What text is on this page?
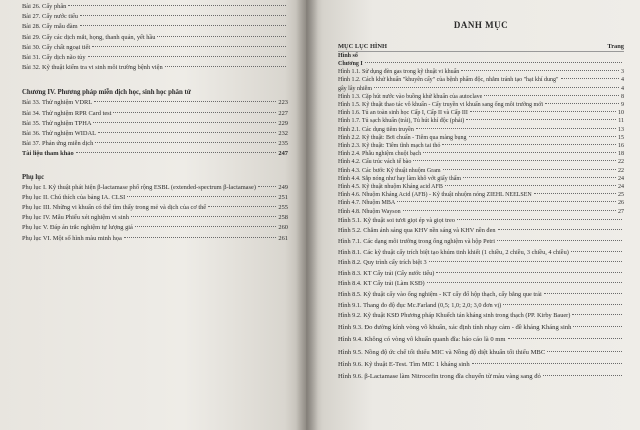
Bài 26. Cấy phân
Bài 27. Cấy nước tiểu
Bài 28. Cấy mẫu đàm
Bài 29. Cấy các dịch mắt, họng, thanh quản, yết hầu
Bài 30. Cấy chất ngoại tiết
Bài 31. Cấy dịch não tủy
Bài 32. Kỹ thuật kiểm tra vi sinh môi trường bệnh viện
Chương IV. Phương pháp miễn dịch học, sinh học phân tử
Bài 33. Thử nghiệm VDRL	223
Bài 34. Thử nghiệm RPR Card test	227
Bài 35. Thử nghiệm TPHA	229
Bài 36. Thử nghiệm WIDAL	232
Bài 37. Phản ứng miễn dịch	235
Tài liệu tham khảo	247
Phụ lục
Phụ lục I. Kỹ thuật phát hiện β-lactamase phổ rộng ESBL (extended-spectrum β-lactamase)	249
Phụ lục II. Chú thích của bảng IA. CLSI	251
Phụ lục III. Những vi khuẩn có thể tìm thấy trong mẻ và dịch của cơ thể	255
Phụ lục IV. Mẫu Phiếu xét nghiệm vi sinh	258
Phụ lục V. Đáp án trắc nghiệm tự lượng giá	260
Phụ lục VI. Một số hình màu minh họa	261
DANH MỤC
MỤC LỤC HÌNH	Trang
Hình số
Chương I
Hình 1.1. Sử dụng đèn gas trong kỹ thuật vi khuẩn	3
Hình 1.2. Cách khử khuẩn "khuyên cấy" của bệnh phẩm độc, nhằm tránh tạo "hạt khí dung"	4
gây lây nhiễm	4
Hình 1.3. Cặp hút nước vào buồng khử khuẩn của autoclave	8
Hình 1.5. Kỹ thuật thao tác vô khuẩn - Cấy truyền vi khuẩn sang ống môi trường mới	9
Hình 1.6. Tủ an toàn sinh học Cấp I, Cấp II và Cấp III	10
Hình 1.7. Tủ sạch khuẩn (trái), Tủ hút khí độc (phải)	11
Hình 2.1. Các dụng tiêm truyền	13
Hình 2.2. Kỹ thuật: Bơi chuẩn - Tiêm qua màng bụng	15
Hình 2.3. Kỹ thuật: Tiêm tĩnh mạch tai thỏ	16
Hình 2.4. Phẫu nghiệm chuột bạch	18
Hình 4.2. Cấu trúc vách tế bào	22
Hình 4.3. Các bước Kỹ thuật nhuộm Gram	22
Hình 4.4. Sắp nóng như hay làm khô vớt giấy thấm	24
Hình 4.5. Kỹ thuật nhuộm Kháng acid AFB	24
Hình 4.6. Nhuộm Kháng Acid (AFB) - Kỹ thuật nhuộm nóng ZIEHL NEELSEN	25
Hình 4.7. Nhuộm MBA	26
Hình 4.8. Nhuộm Wayson	27
Hình 5.1. Kỹ thuật soi tươi giọt ép và giọt treo
Hình 5.2. Chăm ánh sáng qua KHV nền sáng và KHV nền đen
Hình 7.1. Các dạng môi trường trong ống nghiệm và hộp Petri
Hình 8.1. Các kỹ thuật cấy trích biệt tạo khúm tinh khiết (1 chiều, 2 chiều, 3 chiều, 4 chiều)
Hình 8.2. Quy trình cấy trích biệt 3
Hình 8.3. KT Cấy trải (Cấy nước tiểu)
Hình 8.4. KT Cấy trải (Làm KSĐ)
Hình 8.5. Kỹ thuật cấy vào ống nghiệm - KT cấy đổ hộp thạch, cấy bằng que trải
Hình 9.1. Thang đo độ đục Mc.Farland (0,5; 1,0; 2,0; 3,0 đơn vị)
Hình 9.2. Kỹ thuật KSĐ Phương pháp Khuếch tán kháng sinh trong thạch (PP. Kirby Bauer)
Hình 9.3. Đo đường kính vòng vô khuẩn, xác định tính nhạy cảm - đề kháng Kháng sinh
Hình 9.4. Không có vòng vô khuẩn quanh đĩa: báo cáo là 0 mm
Hình 9.5. Nồng độ ức chế tối thiểu MIC và Nồng độ diệt khuẩn tối thiểu MBC
Hình 9.6. Kỹ thuật E-Test. Tìm MIC 1 kháng sinh
Hình 9.6. β-Lactamase làm Nitrocefin trong đĩa chuyển từ màu vàng sang đỏ
